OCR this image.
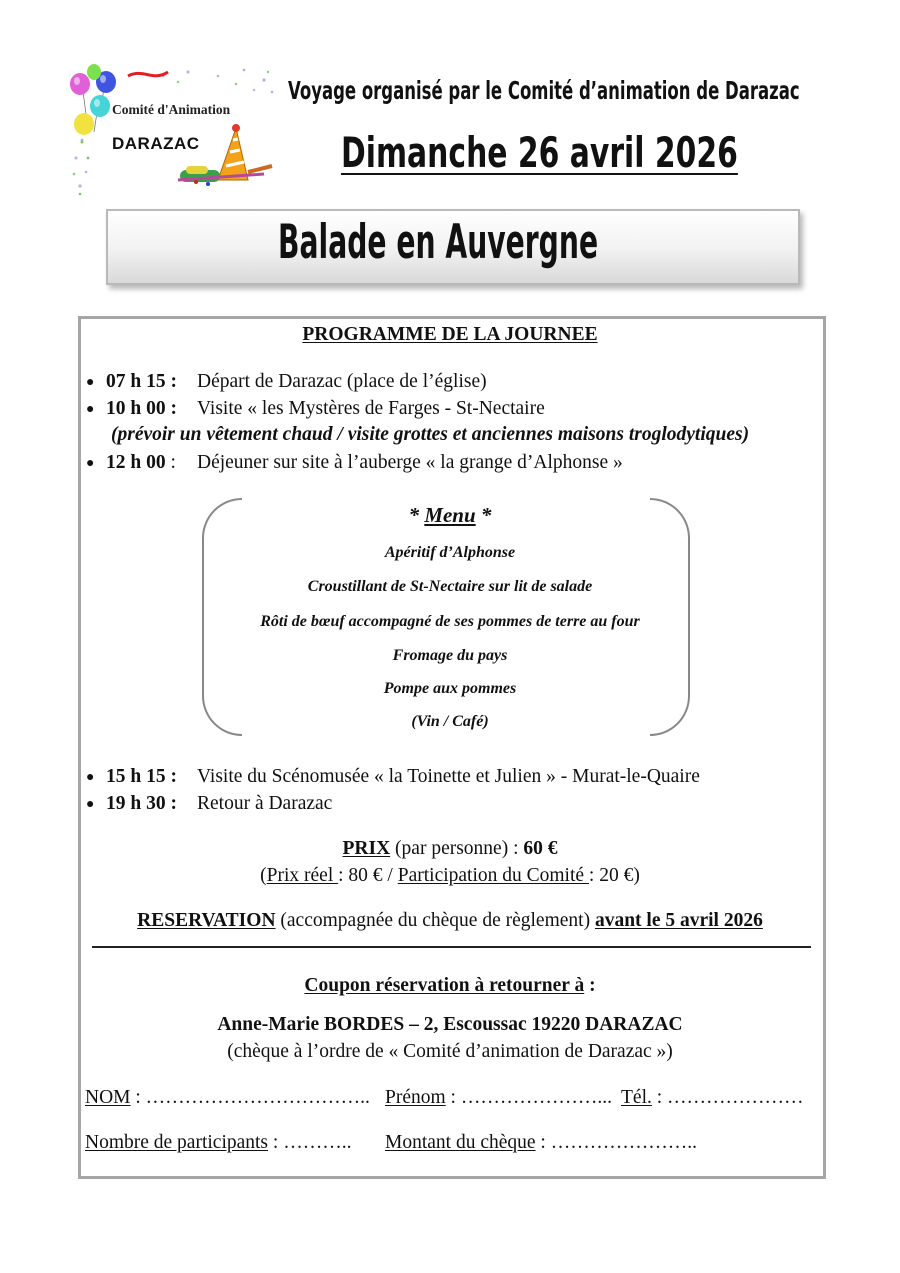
Comité d'Animation
DARAZAC
Voyage organisé par le Comité d’animation de Darazac
Dimanche 26 avril 2026
Balade en Auvergne
PROGRAMME DE LA JOURNEE
● 07 h 15 : Départ de Darazac (place de l’église)
● 10 h 00 : Visite « les Mystères de Farges - St-Nectaire
(prévoir un vêtement chaud / visite grottes et anciennes maisons troglodytiques)
● 12 h 00 : Déjeuner sur site à l’auberge « la grange d’Alphonse »
* Menu *
Apéritif d’Alphonse
Croustillant de St-Nectaire sur lit de salade
Rôti de bœuf accompagné de ses pommes de terre au four
Fromage du pays
Pompe aux pommes
(Vin / Café)
● 15 h 15 : Visite du Scénomusée « la Toinette et Julien » - Murat-le-Quaire
● 19 h 30 : Retour à Darazac
PRIX (par personne) : 60 €
(Prix réel : 80 € / Participation du Comité : 20 €)
RESERVATION (accompagnée du chèque de règlement) avant le 5 avril 2026
Coupon réservation à retourner à :
Anne-Marie BORDES – 2, Escoussac 19220 DARAZAC
(chèque à l’ordre de « Comité d’animation de Darazac »)
NOM : …………………………….. Prénom : …………………... Tél. : …………………
Nombre de participants : ……….. Montant du chèque : …………………..
